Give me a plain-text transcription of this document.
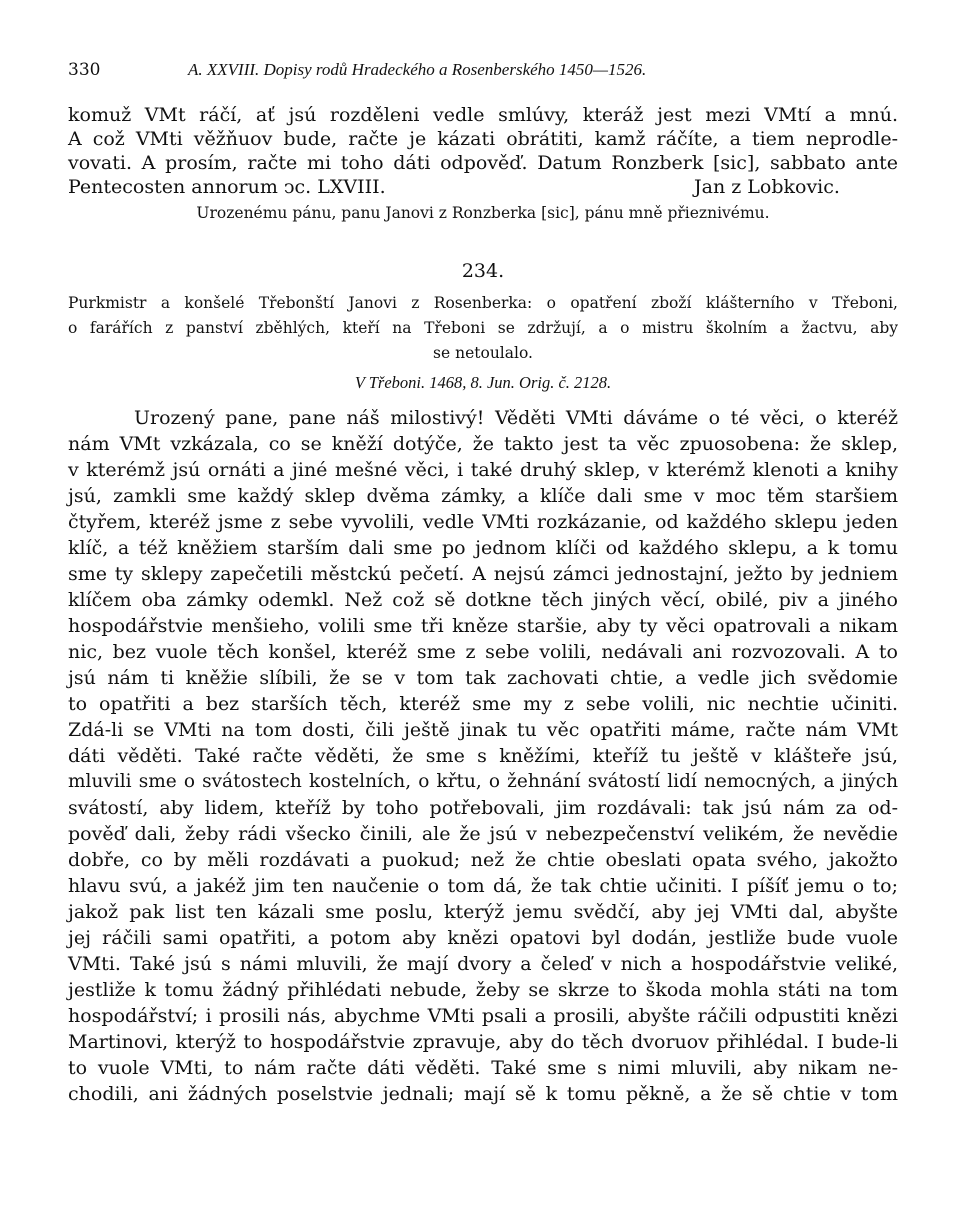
330	A. XXVIII. Dopisy rodů Hradeckého a Rosenberského 1450—1526.
komuž VMt ráčí, ať jsú rozděleni vedle smlúvy, kteráž jest mezi VMtí a mnú.
A což VMti věžňuov bude, račte je kázati obrátiti, kamž ráčíte, a tiem neprodle-
vovati. A prosím, račte mi toho dáti odpověď. Datum Ronzberk [sic], sabbato ante
Pentecosten annorum ↄc. LXVIII.	Jan z Lobkovic.
Urozenému pánu, panu Janovi z Ronzberka [sic], pánu mně přieznivému.
234.
Purkmistr a konšelé Třebonští Janovi z Rosenberka: o opatření zboží klášterního v Třeboni,
o farářích z panství zběhlých, kteří na Třeboni se zdržují, a o mistru školním a žactvu, aby
se netoulalo.
V Třeboni. 1468, 8. Jun. Orig. č. 2128.
Urozený pane, pane náš milostivý! Věděti VMti dáváme o té věci, o kteréž
nám VMt vzkázala, co se kněží dotýče, že takto jest ta věc zpuosobena: že sklep,
v kterémž jsú ornáti a jiné mešné věci, i také druhý sklep, v kterémž klenoti a knihy
jsú, zamkli sme každý sklep dvěma zámky, a klíče dali sme v moc těm staršiem
čtyřem, kteréž jsme z sebe vyvolili, vedle VMti rozkázanie, od každého sklepu jeden
klíč, a též kněžiem starším dali sme po jednom klíči od každého sklepu, a k tomu
sme ty sklepy zapečetili městckú pečetí. A nejsú zámci jednostajní, ježto by jedniem
klíčem oba zámky odemkl. Než což sě dotkne těch jiných věcí, obilé, piv a jiného
hospodářstvie menšieho, volili sme tři kněze staršie, aby ty věci opatrovali a nikam
nic, bez vuole těch konšel, kteréž sme z sebe volili, nedávali ani rozvozovali. A to
jsú nám ti kněžie slíbili, že se v tom tak zachovati chtie, a vedle jich svědomie
to opatřiti a bez starších těch, kteréž sme my z sebe volili, nic nechtie učiniti.
Zdá-li se VMti na tom dosti, čili ještě jinak tu věc opatřiti máme, račte nám VMt
dáti věděti. Také račte věděti, že sme s kněžími, kteříž tu ještě v klášteře jsú,
mluvili sme o svátostech kostelních, o křtu, o žehnání svátostí lidí nemocných, a jiných
svátostí, aby lidem, kteříž by toho potřebovali, jim rozdávali: tak jsú nám za od-
pověď dali, žeby rádi všecko činili, ale že jsú v nebezpečenství velikém, že nevědie
dobře, co by měli rozdávati a puokud; než že chtie obeslati opata svého, jakožto
hlavu svú, a jakéž jim ten naučenie o tom dá, že tak chtie učiniti. I píšíť jemu o to;
jakož pak list ten kázali sme poslu, kterýž jemu svědčí, aby jej VMti dal, abyšte
jej ráčili sami opatřiti, a potom aby knězi opatovi byl dodán, jestliže bude vuole
VMti. Také jsú s námi mluvili, že mají dvory a čeleď v nich a hospodářstvie veliké,
jestliže k tomu žádný přihlédati nebude, žeby se skrze to škoda mohla státi na tom
hospodářství; i prosili nás, abychme VMti psali a prosili, abyšte ráčili odpustiti knězi
Martinovi, kterýž to hospodářstvie zpravuje, aby do těch dvoruov přihlédal. I bude-li
to vuole VMti, to nám račte dáti věděti. Také sme s nimi mluvili, aby nikam ne-
chodili, ani žádných poselstvie jednali; mají sě k tomu pěkně, a že sě chtie v tom
